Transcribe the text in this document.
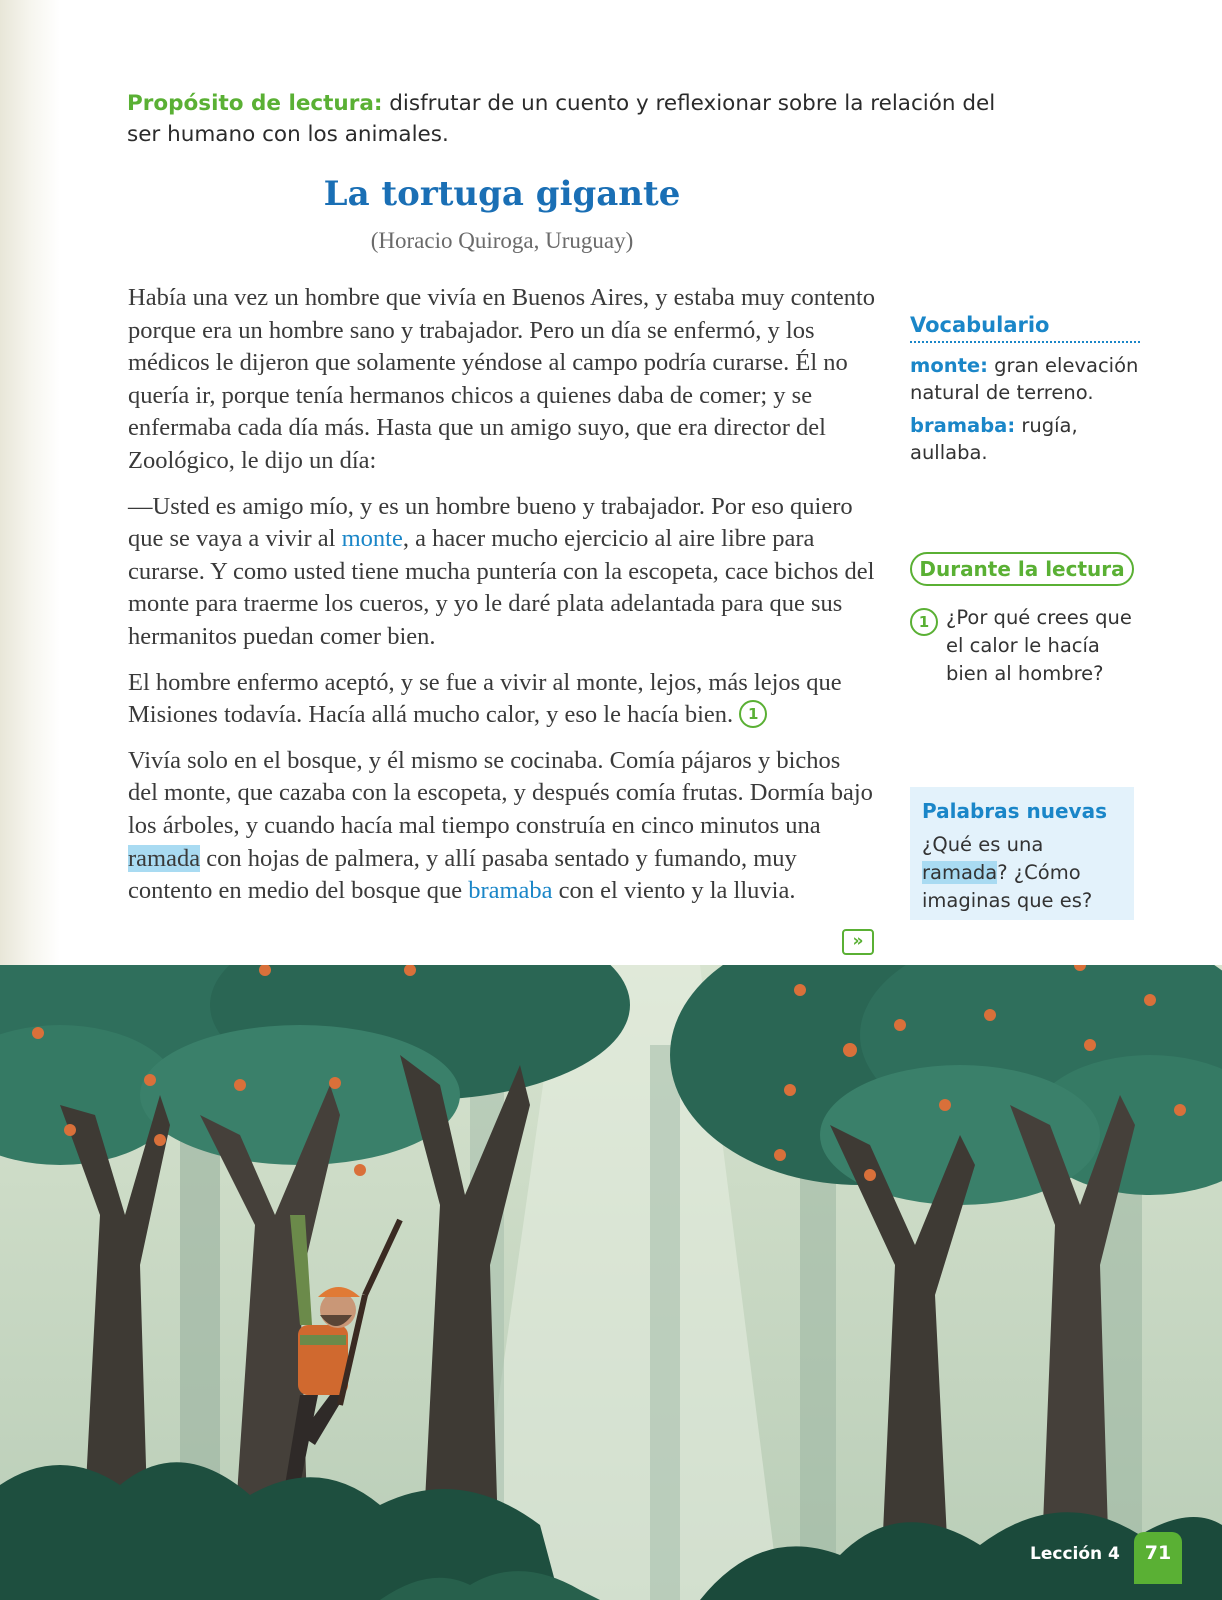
Propósito de lectura: disfrutar de un cuento y reflexionar sobre la relación del ser humano con los animales.
La tortuga gigante
(Horacio Quiroga, Uruguay)

Había una vez un hombre que vivía en Buenos Aires, y estaba muy contento porque era un hombre sano y trabajador. Pero un día se enfermó, y los médicos le dijeron que solamente yéndose al campo podría curarse. Él no quería ir, porque tenía hermanos chicos a quienes daba de comer; y se enfermaba cada día más. Hasta que un amigo suyo, que era director del Zoológico, le dijo un día:

—Usted es amigo mío, y es un hombre bueno y trabajador. Por eso quiero que se vaya a vivir al monte, a hacer mucho ejercicio al aire libre para curarse. Y como usted tiene mucha puntería con la escopeta, cace bichos del monte para traerme los cueros, y yo le daré plata adelantada para que sus hermanitos puedan comer bien.

El hombre enfermo aceptó, y se fue a vivir al monte, lejos, más lejos que Misiones todavía. Hacía allá mucho calor, y eso le hacía bien. 1

Vivía solo en el bosque, y él mismo se cocinaba. Comía pájaros y bichos del monte, que cazaba con la escopeta, y después comía frutas. Dormía bajo los árboles, y cuando hacía mal tiempo construía en cinco minutos una ramada con hojas de palmera, y allí pasaba sentado y fumando, muy contento en medio del bosque que bramaba con el viento y la lluvia.

»
Vocabulario
monte: gran elevación natural de terreno.
bramaba: rugía, aullaba.
Durante la lectura
1 ¿Por qué crees que el calor le hacía bien al hombre?
Palabras nuevas
¿Qué es una ramada? ¿Cómo imaginas que es?
Lección 4	71
